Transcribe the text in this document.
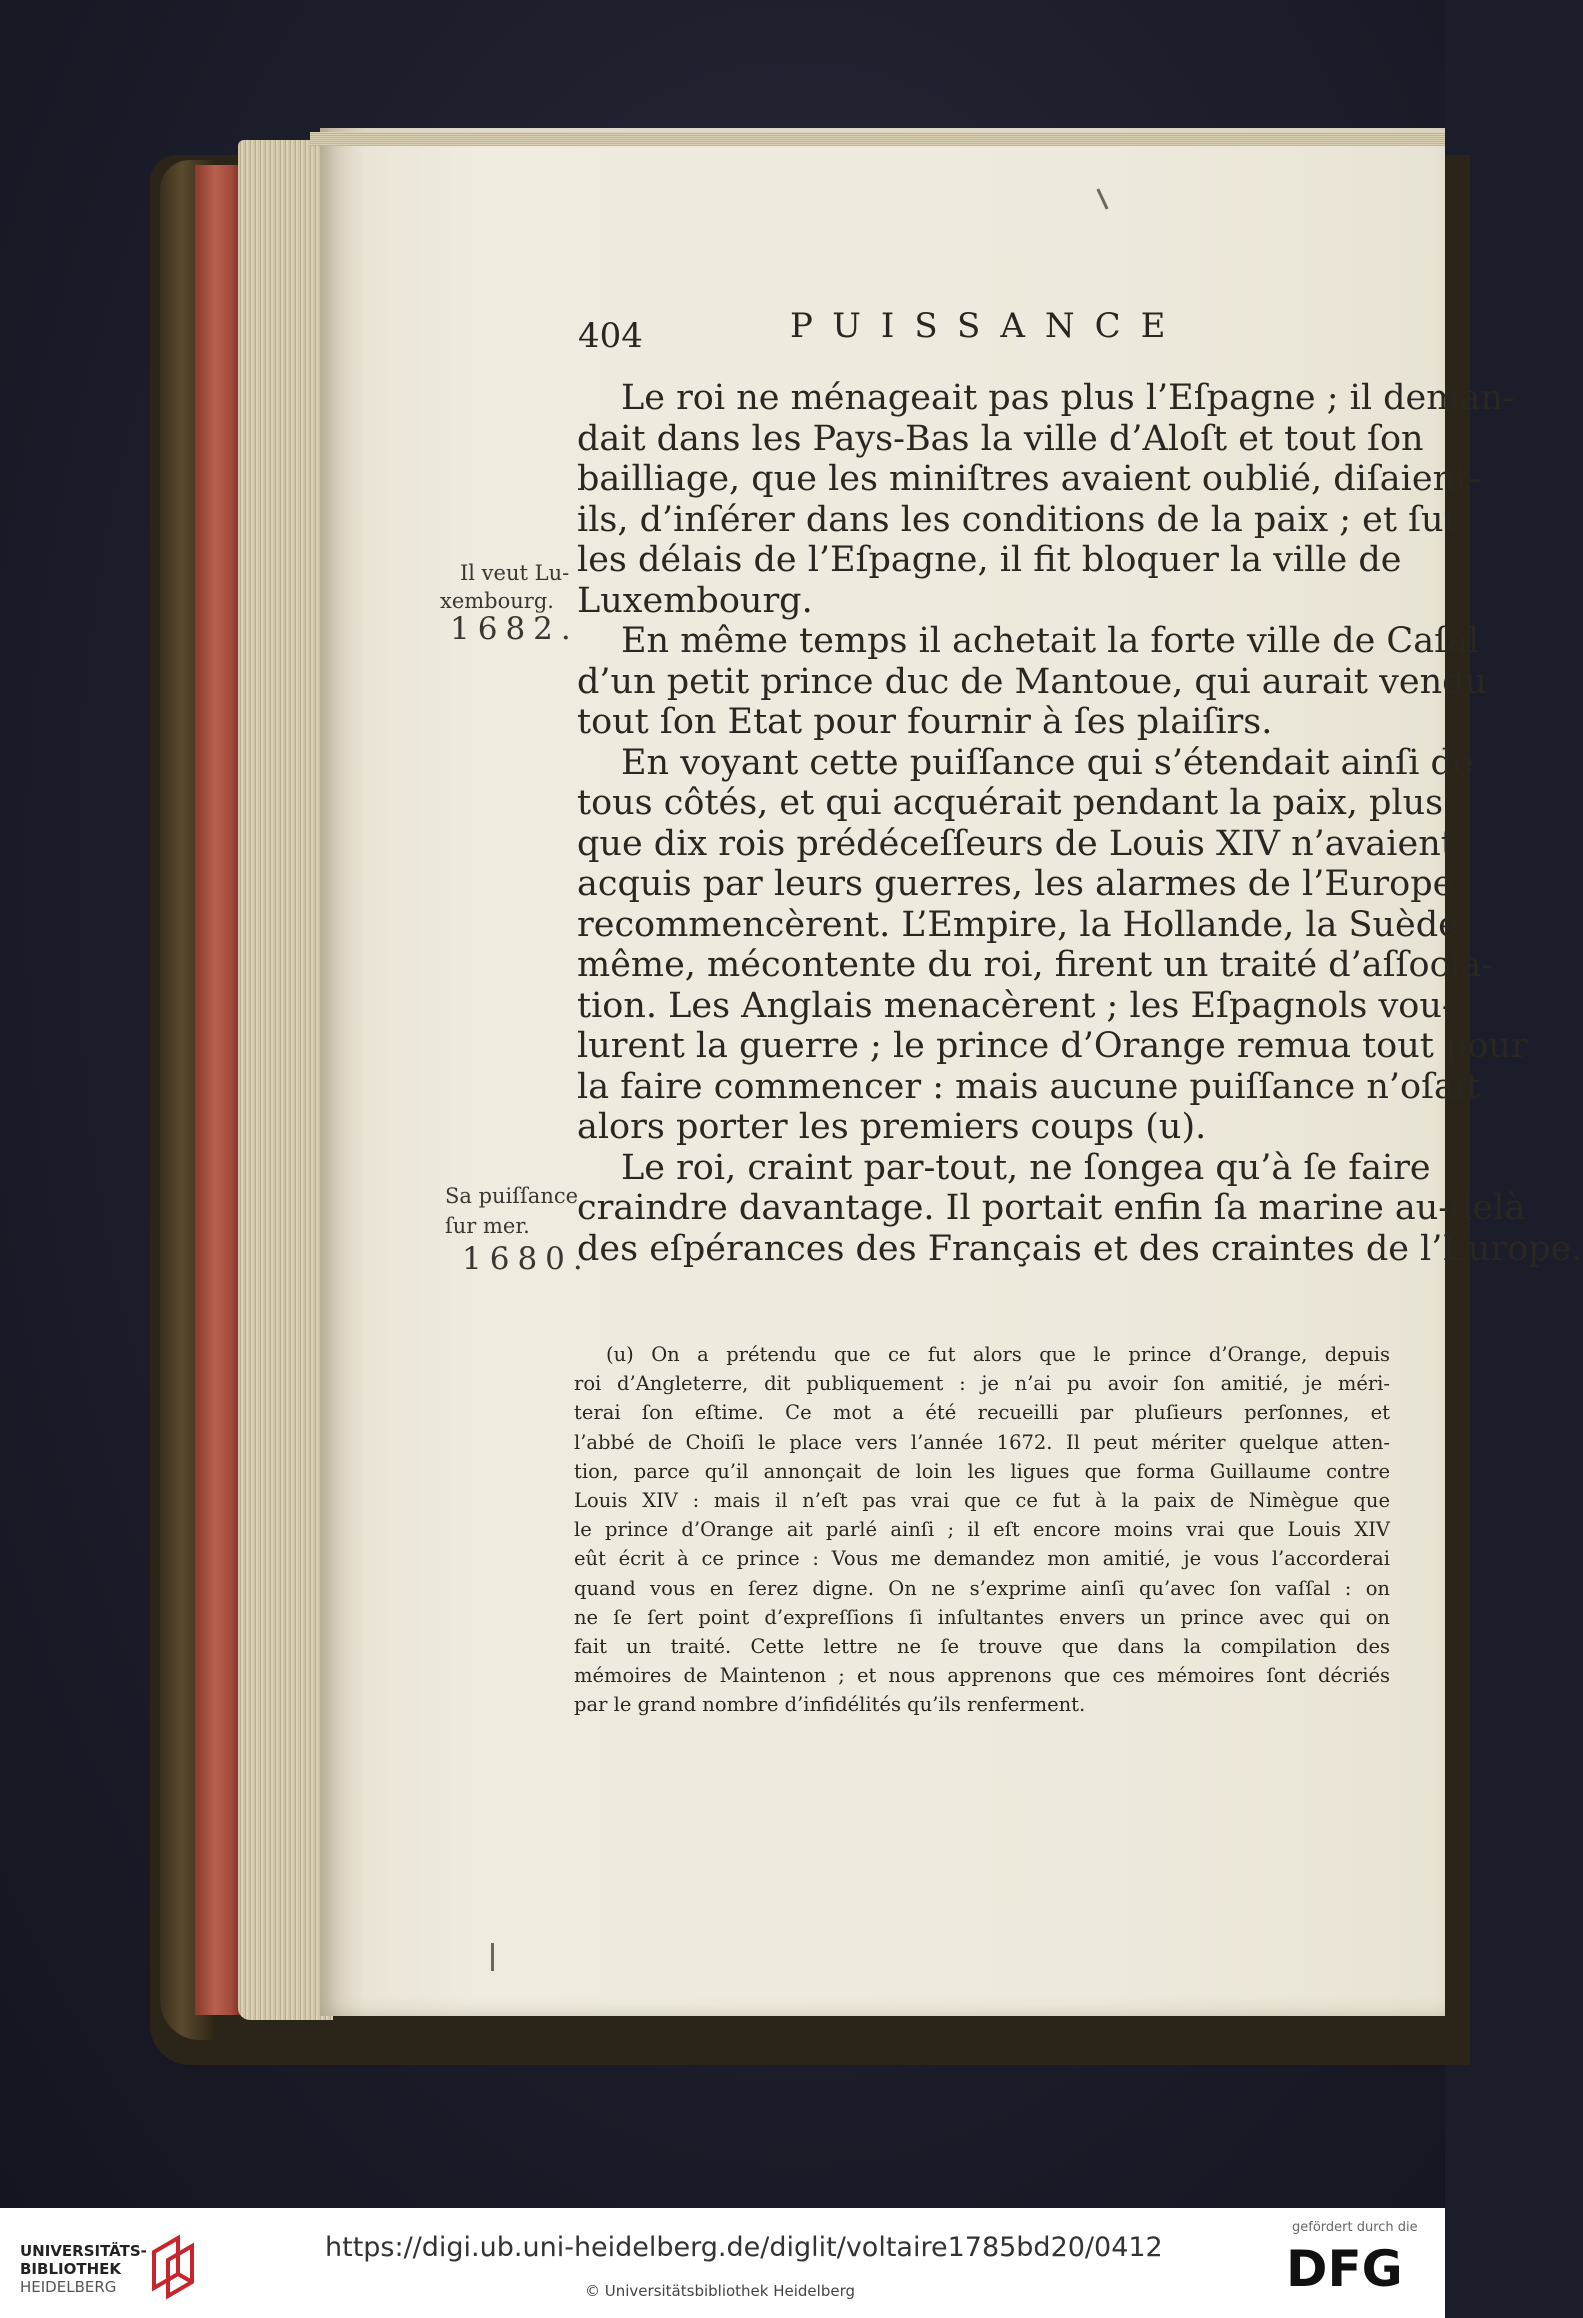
404	PUISSANCE
Le roi ne ménageait pas plus l’Eſpagne ; il deman-
dait dans les Pays-Bas la ville d’Aloſt et tout ſon
bailliage, que les miniſtres avaient oublié, diſaient-
ils, d’inſérer dans les conditions de la paix ; et ſur
les délais de l’Eſpagne, il fit bloquer la ville de
Luxembourg.
En même temps il achetait la forte ville de Caſal
d’un petit prince duc de Mantoue, qui aurait vendu
tout ſon Etat pour fournir à ſes plaiſirs.
En voyant cette puiſſance qui s’étendait ainſi de
tous côtés, et qui acquérait pendant la paix, plus
que dix rois prédéceſſeurs de Louis XIV n’avaient
acquis par leurs guerres, les alarmes de l’Europe
recommencèrent. L’Empire, la Hollande, la Suède
même, mécontente du roi, firent un traité d’aſſocia-
tion. Les Anglais menacèrent ; les Eſpagnols vou-
lurent la guerre ; le prince d’Orange remua tout pour
la faire commencer : mais aucune puiſſance n’oſait
alors porter les premiers coups (u).
Le roi, craint par-tout, ne ſongea qu’à ſe faire
craindre davantage. Il portait enfin ſa marine au-delà
des eſpérances des Français et des craintes de l’Europe.
Il veut Lu-
xembourg.
1682.
Sa puiſſance
ſur mer.
1680.
(u) On a prétendu que ce fut alors que le prince d’Orange, depuis
roi d’Angleterre, dit publiquement : je n’ai pu avoir ſon amitié, je méri-
terai ſon eſtime. Ce mot a été recueilli par pluſieurs perſonnes, et
l’abbé de Choiſi le place vers l’année 1672. Il peut mériter quelque atten-
tion, parce qu’il annonçait de loin les ligues que forma Guillaume contre
Louis XIV : mais il n’eſt pas vrai que ce fut à la paix de Nimègue que
le prince d’Orange ait parlé ainſi ; il eſt encore moins vrai que Louis XIV
eût écrit à ce prince : Vous me demandez mon amitié, je vous l’accorderai
quand vous en ſerez digne. On ne s’exprime ainſi qu’avec ſon vaſſal : on
ne ſe ſert point d’expreſſions ſi inſultantes envers un prince avec qui on
fait un traité. Cette lettre ne ſe trouve que dans la compilation des
mémoires de Maintenon ; et nous apprenons que ces mémoires ſont décriés
par le grand nombre d’infidélités qu’ils renferment.
UNIVERSITÄTS-
BIBLIOTHEK
HEIDELBERG
https://digi.ub.uni-heidelberg.de/diglit/voltaire1785bd20/0412
© Universitätsbibliothek Heidelberg
gefördert durch die
DFG
